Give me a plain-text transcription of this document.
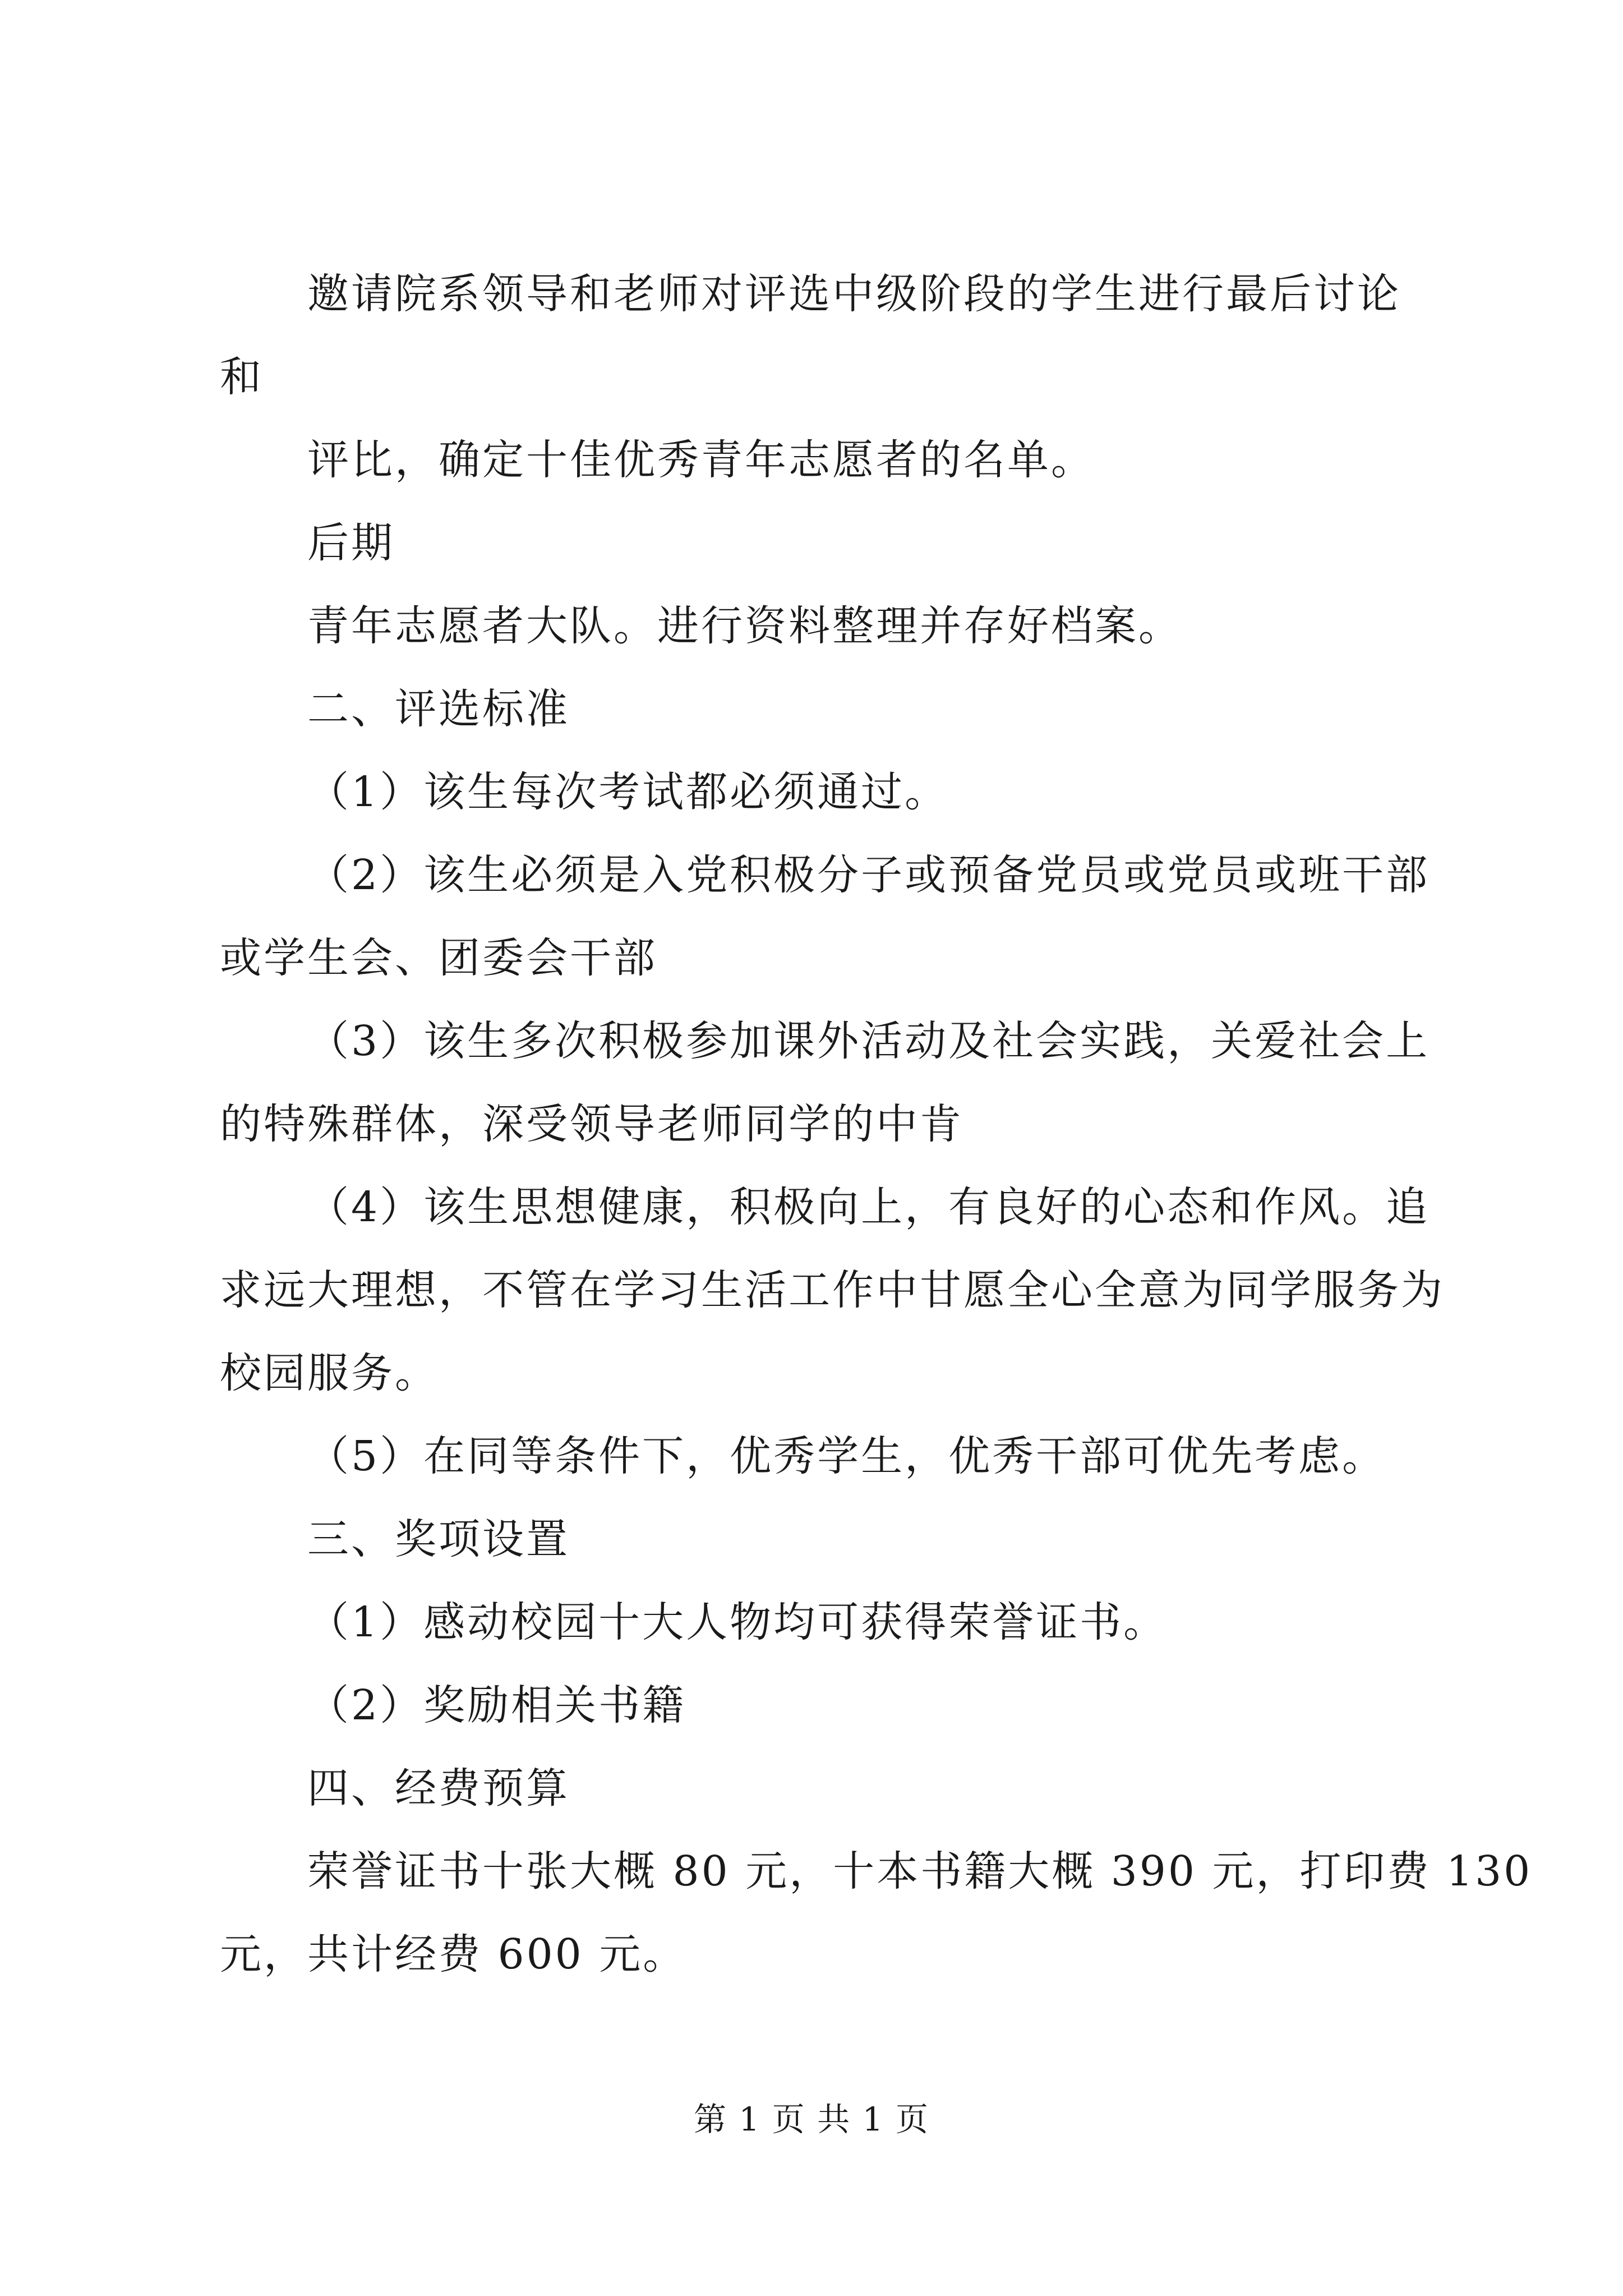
邀请院系领导和老师对评选中级阶段的学生进行最后讨论
和
评比，确定十佳优秀青年志愿者的名单。
后期
青年志愿者大队。进行资料整理并存好档案。
二、评选标准
（1）该生每次考试都必须通过。
（2）该生必须是入党积极分子或预备党员或党员或班干部
或学生会、团委会干部
（3）该生多次积极参加课外活动及社会实践，关爱社会上
的特殊群体，深受领导老师同学的中肯
（4）该生思想健康，积极向上，有良好的心态和作风。追
求远大理想，不管在学习生活工作中甘愿全心全意为同学服务为
校园服务。
（5）在同等条件下，优秀学生，优秀干部可优先考虑。
三、奖项设置
（1）感动校园十大人物均可获得荣誉证书。
（2）奖励相关书籍
四、经费预算
荣誉证书十张大概 80 元，十本书籍大概 390 元，打印费 130
元，共计经费 600 元。
第 1 页 共 1 页
